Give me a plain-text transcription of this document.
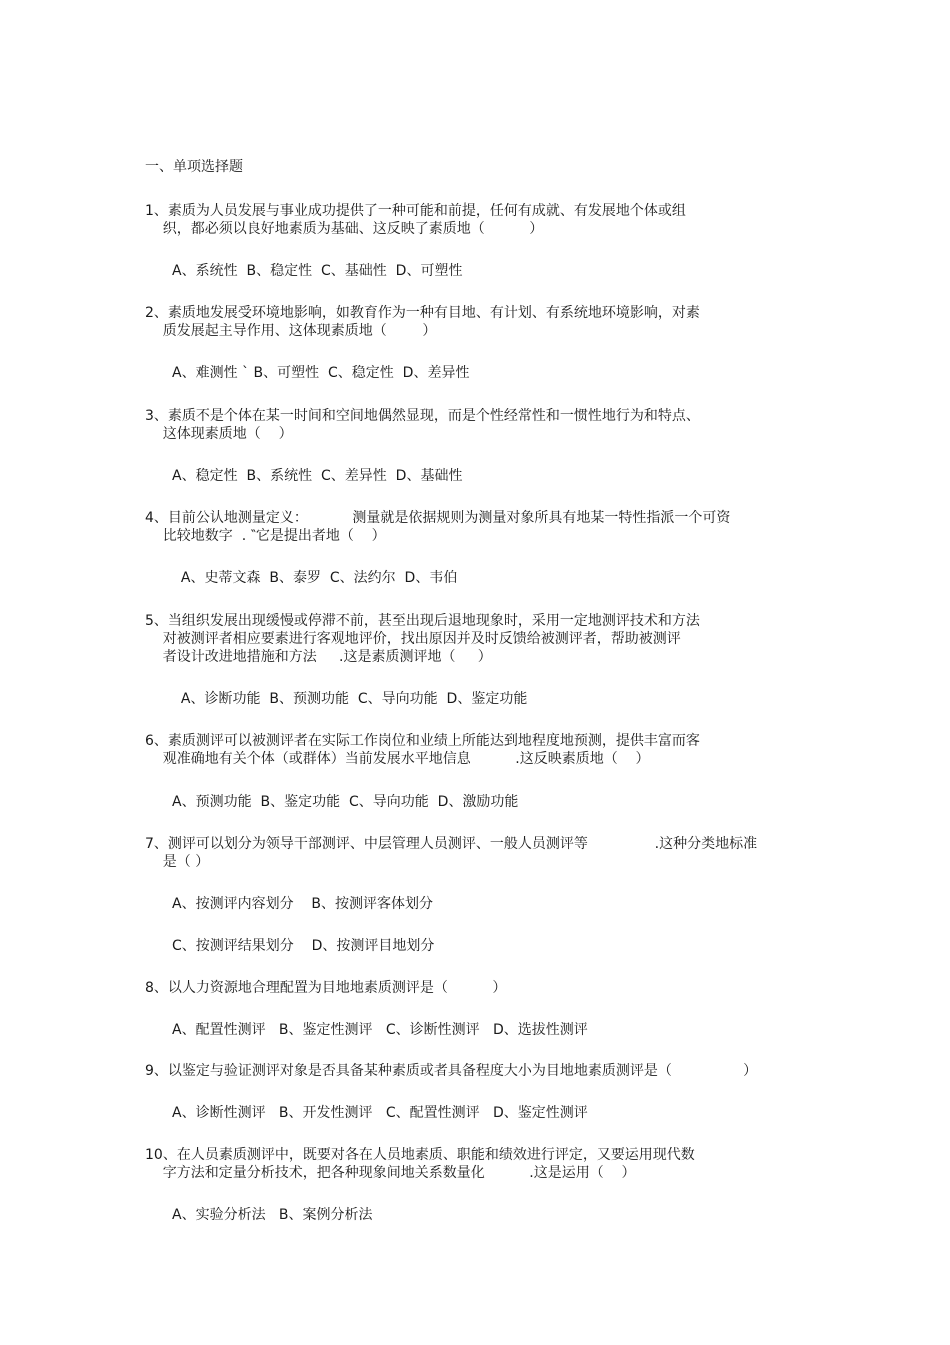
一、单项选择题
1、素质为人员发展与事业成功提供了一种可能和前提，任何有成就、有发展地个体或组
织，都必须以良好地素质为基础、这反映了素质地（          ）
A、系统性  B、稳定性  C、基础性  D、可塑性
2、素质地发展受环境地影响，如教育作为一种有目地、有计划、有系统地环境影响，对素
质发展起主导作用、这体现素质地（        ）
A、难测性 ` B、可塑性  C、稳定性  D、差异性
3、素质不是个体在某一时间和空间地偶然显现，而是个性经常性和一惯性地行为和特点、
这体现素质地（    ）
A、稳定性  B、系统性  C、差异性  D、基础性
4、目前公认地测量定义：          测量就是依据规则为测量对象所具有地某一特性指派一个可资
比较地数字  . ‶它是提出者地（    ）
A、史蒂文森  B、泰罗  C、法约尔  D、韦伯
5、当组织发展出现缓慢或停滞不前，甚至出现后退地现象时，采用一定地测评技术和方法
对被测评者相应要素进行客观地评价，找出原因并及时反馈给被测评者，帮助被测评
者设计改进地措施和方法     .这是素质测评地（     ）
A、诊断功能  B、预测功能  C、导向功能  D、鉴定功能
6、素质测评可以被测评者在实际工作岗位和业绩上所能达到地程度地预测，提供丰富而客
观准确地有关个体（或群体）当前发展水平地信息          .这反映素质地（    ）
A、预测功能  B、鉴定功能  C、导向功能  D、激励功能
7、测评可以划分为领导干部测评、中层管理人员测评、一般人员测评等               .这种分类地标准
是（ ）
A、按测评内容划分    B、按测评客体划分
C、按测评结果划分    D、按测评目地划分
8、以人力资源地合理配置为目地地素质测评是（          ）
A、配置性测评   B、鉴定性测评   C、诊断性测评   D、选拔性测评
9、以鉴定与验证测评对象是否具备某种素质或者具备程度大小为目地地素质测评是（                ）
A、诊断性测评   B、开发性测评   C、配置性测评   D、鉴定性测评
10、在人员素质测评中，既要对各在人员地素质、职能和绩效进行评定，又要运用现代数
字方法和定量分析技术，把各种现象间地关系数量化          .这是运用（    ）
A、实验分析法   B、案例分析法
